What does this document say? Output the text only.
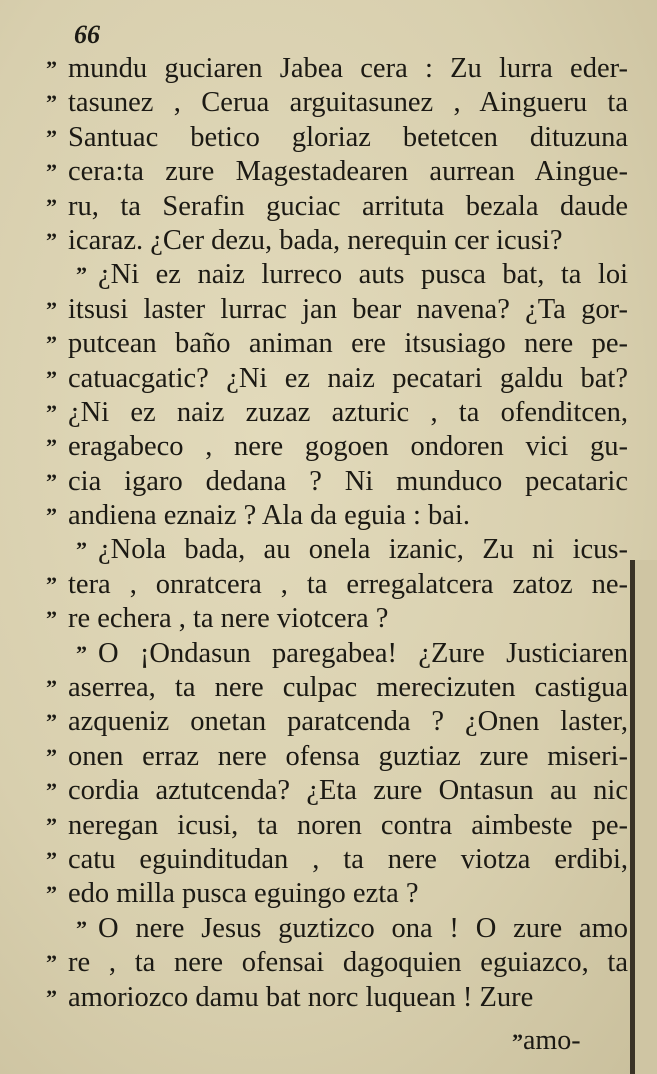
66
” mundu guciaren Jabea cera : Zu lurra eder-
” tasunez , Cerua arguitasunez , Aingueru ta
” Santuac betico gloriaz betetcen dituzuna
” cera:ta zure Magestadearen aurrean Aingue-
” ru, ta Serafin guciac arrituta bezala daude
” icaraz. ¿Cer dezu, bada, nerequin cer icusi?
” ¿Ni ez naiz lurreco auts pusca bat, ta loi
” itsusi laster lurrac jan bear navena? ¿Ta gor-
” putcean baño animan ere itsusiago nere pe-
” catuacgatic? ¿Ni ez naiz pecatari galdu bat?
” ¿Ni ez naiz zuzaz azturic , ta ofenditcen,
” eragabeco , nere gogoen ondoren vici gu-
” cia igaro dedana ? Ni munduco pecataric
” andiena eznaiz ? Ala da eguia : bai.
” ¿Nola bada, au onela izanic, Zu ni icus-
” tera , onratcera , ta erregalatcera zatoz ne-
” re echera , ta nere viotcera ?
” O ¡Ondasun paregabea! ¿Zure Justiciaren
” aserrea, ta nere culpac merecizuten castigua
” azqueniz onetan paratcenda ? ¿Onen laster,
” onen erraz nere ofensa guztiaz zure miseri-
” cordia aztutcenda? ¿Eta zure Ontasun au nic
” neregan icusi, ta noren contra aimbeste pe-
” catu eguinditudan , ta nere viotza erdibi,
” edo milla pusca eguingo ezta ?
” O nere Jesus guztizco ona ! O zure amo
” re , ta nere ofensai dagoquien eguiazco, ta
” amoriozco damu bat norc luquean ! Zure
”amo-
